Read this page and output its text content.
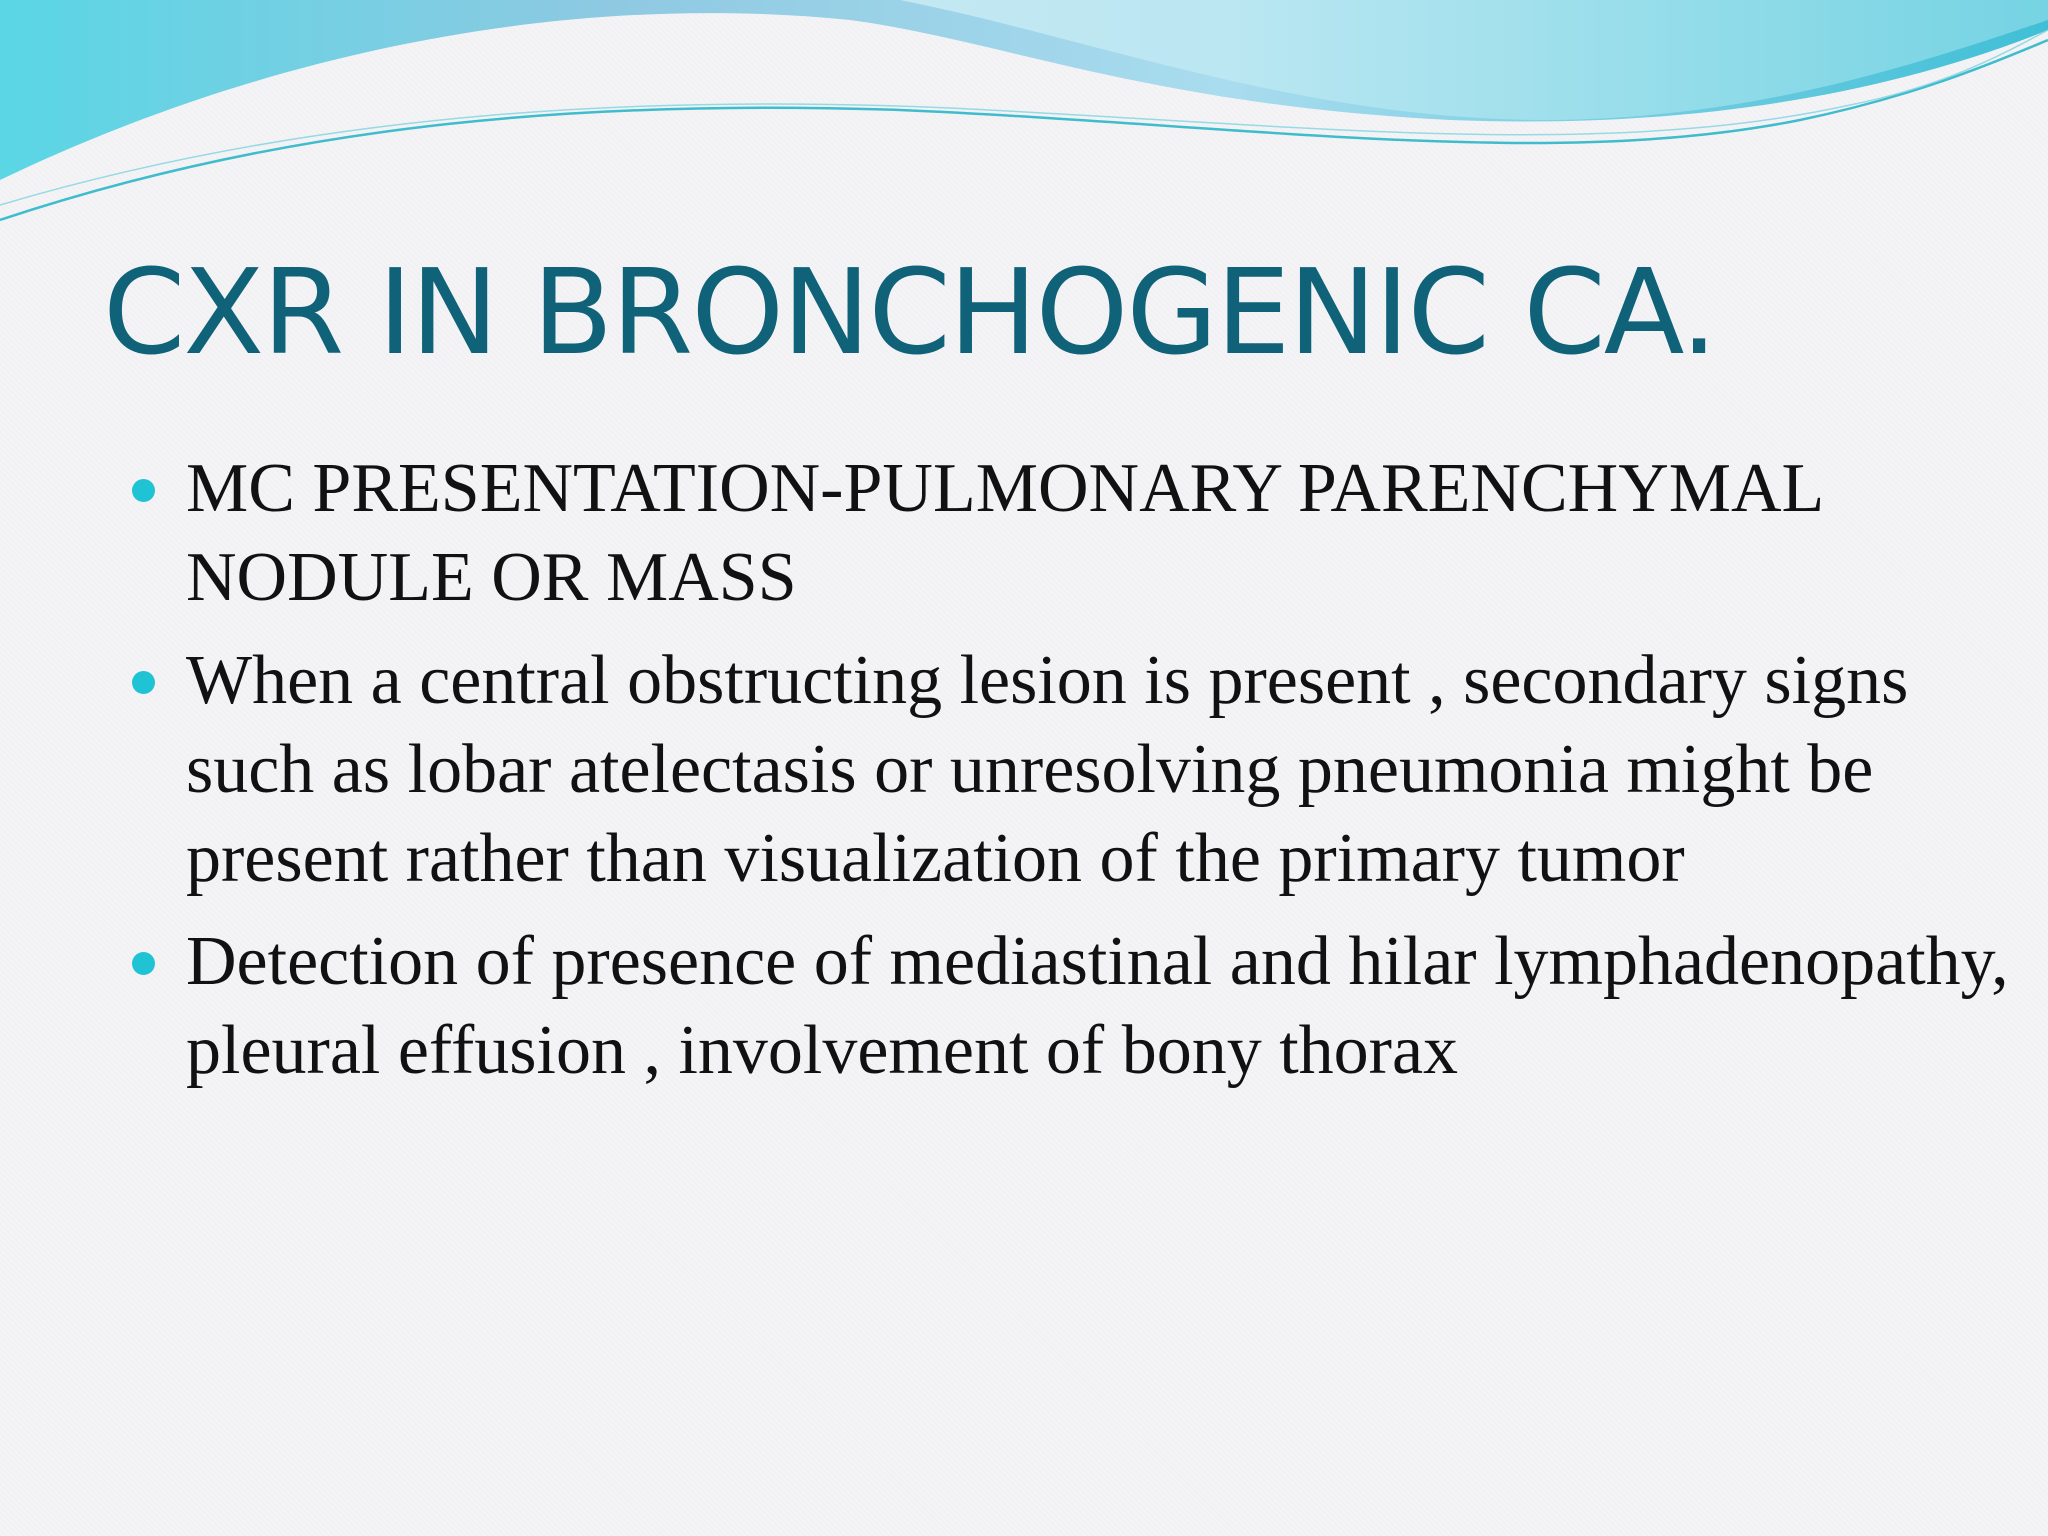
CXR IN BRONCHOGENIC CA.
MC PRESENTATION-PULMONARY PARENCHYMAL NODULE OR MASS
When a central obstructing lesion is present , secondary signs such as lobar atelectasis or unresolving pneumonia might be present rather than visualization of the primary tumor
Detection of presence of mediastinal and hilar lymphadenopathy, pleural effusion , involvement of bony thorax
